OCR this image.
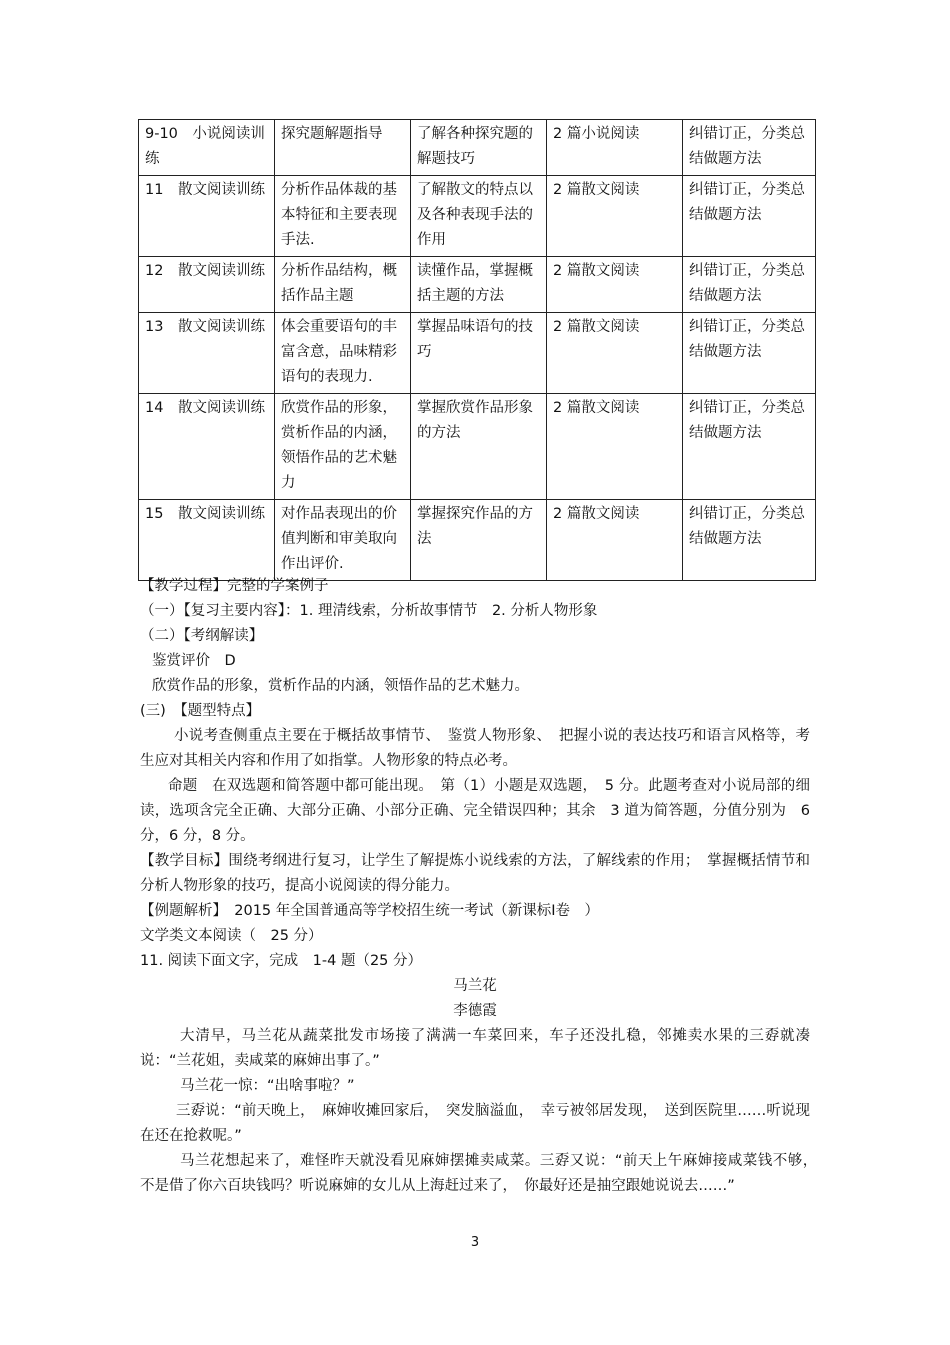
9-10　小说阅读训练	探究题解题指导	了解各种探究题的解题技巧	2 篇小说阅读	纠错订正，分类总结做题方法
11　散文阅读训练	分析作品体裁的基本特征和主要表现手法.	了解散文的特点以及各种表现手法的作用	2 篇散文阅读	纠错订正，分类总结做题方法
12　散文阅读训练	分析作品结构，概括作品主题	读懂作品，掌握概括主题的方法	2 篇散文阅读	纠错订正，分类总结做题方法
13　散文阅读训练	体会重要语句的丰富含意，品味精彩语句的表现力.	掌握品味语句的技巧	2 篇散文阅读	纠错订正，分类总结做题方法
14　散文阅读训练	欣赏作品的形象，赏析作品的内涵，领悟作品的艺术魅力	掌握欣赏作品形象的方法	2 篇散文阅读	纠错订正，分类总结做题方法
15　散文阅读训练	对作品表现出的价值判断和审美取向作出评价.	掌握探究作品的方法	2 篇散文阅读	纠错订正，分类总结做题方法

【教学过程】完整的学案例子

（一）【复习主要内容】：1. 理清线索，分析故事情节　2. 分析人物形象

（二）【考纲解读】

鉴赏评价　D

欣赏作品的形象，赏析作品的内涵，领悟作品的艺术魅力。

(三)　【题型特点】

小说考查侧重点主要在于概括故事情节、　鉴赏人物形象、　把握小说的表达技巧和语言风格等，考生应对其相关内容和作用了如指掌。人物形象的特点必考。

命题　在双选题和简答题中都可能出现。　第（1）小题是双选题，　5 分。此题考查对小说局部的细读，选项含完全正确、大部分正确、小部分正确、完全错误四种；其余　3 道为简答题，分值分别为　6 分，6 分，8 分。

【教学目标】围绕考纲进行复习，让学生了解提炼小说线索的方法，了解线索的作用；　掌握概括情节和分析人物形象的技巧，提高小说阅读的得分能力。

【例题解析】　2015 年全国普通高等学校招生统一考试（新课标Ⅰ卷　）

文学类文本阅读（　25 分）

11. 阅读下面文字，完成　1-4 题（25 分）

马兰花

李德霞

大清早，马兰花从蔬菜批发市场接了满满一车菜回来，车子还没扎稳，邻摊卖水果的三孬就凑说：“兰花姐，卖咸菜的麻婶出事了。”

马兰花一惊：“出啥事啦？”

三孬说：“前天晚上，　麻婶收摊回家后，　突发脑溢血，　幸亏被邻居发现，　送到医院里……听说现在还在抢救呢。”

马兰花想起来了，难怪昨天就没看见麻婶摆摊卖咸菜。三孬又说：“前天上午麻婶接咸菜钱不够，　不是借了你六百块钱吗？听说麻婶的女儿从上海赶过来了，　你最好还是抽空跟她说说去……”

3
